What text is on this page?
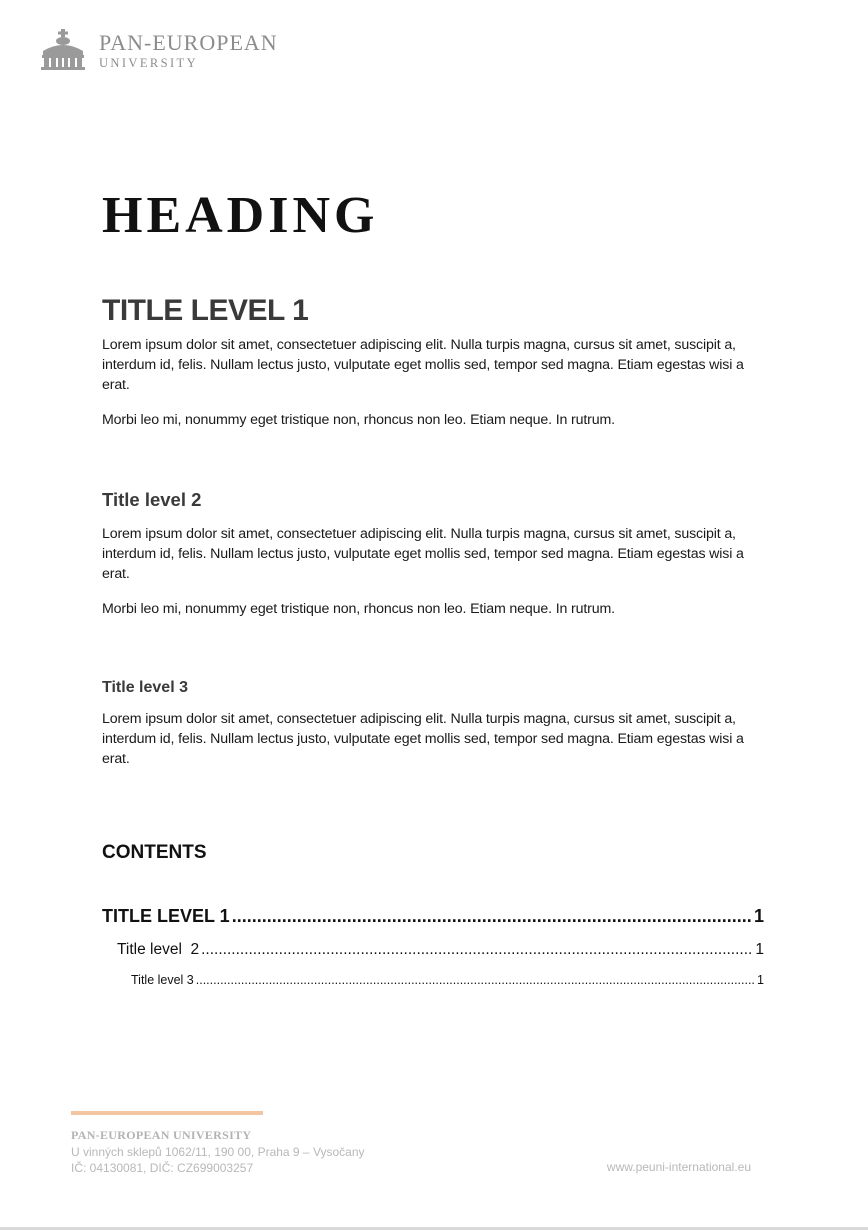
PAN-EUROPEAN
UNIVERSITY
HEADING
TITLE LEVEL 1

Lorem ipsum dolor sit amet, consectetuer adipiscing elit. Nulla turpis magna, cursus sit amet, suscipit a, interdum id, felis. Nullam lectus justo, vulputate eget mollis sed, tempor sed magna. Etiam egestas wisi a erat.

Morbi leo mi, nonummy eget tristique non, rhoncus non leo. Etiam neque. In rutrum.

Title level 2

Lorem ipsum dolor sit amet, consectetuer adipiscing elit. Nulla turpis magna, cursus sit amet, suscipit a, interdum id, felis. Nullam lectus justo, vulputate eget mollis sed, tempor sed magna. Etiam egestas wisi a erat.

Morbi leo mi, nonummy eget tristique non, rhoncus non leo. Etiam neque. In rutrum.

Title level 3

Lorem ipsum dolor sit amet, consectetuer adipiscing elit. Nulla turpis magna, cursus sit amet, suscipit a, interdum id, felis. Nullam lectus justo, vulputate eget mollis sed, tempor sed magna. Etiam egestas wisi a erat.

CONTENTS
TITLE LEVEL 1 .....	1
Title level  2 .....	1
Title level 3 .....	1
PAN-EUROPEAN UNIVERSITY
U vinných sklepů 1062/11, 190 00, Praha 9 – Vysočany
IČ: 04130081, DIČ: CZ699003257	www.peuni-international.eu
